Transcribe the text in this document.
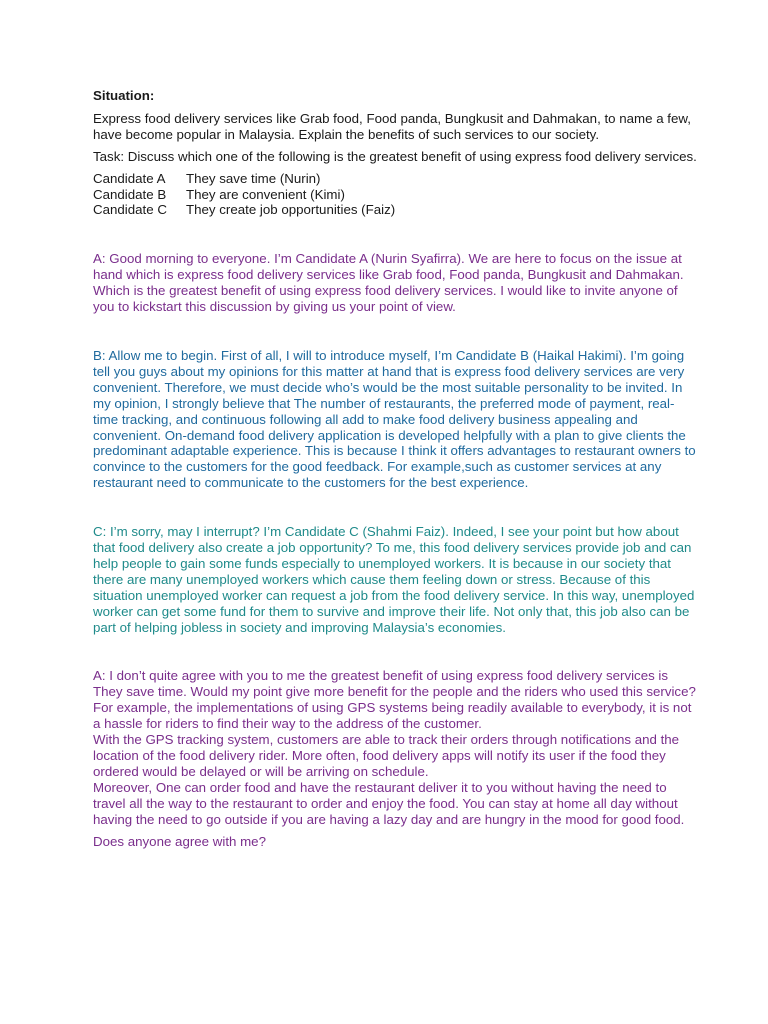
Situation:
Express food delivery services like Grab food, Food panda, Bungkusit and Dahmakan, to name a few, have become popular in Malaysia. Explain the benefits of such services to our society.
Task: Discuss which one of the following is the greatest benefit of using express food delivery services.
Candidate A	They save time (Nurin)
Candidate B	They are convenient (Kimi)
Candidate C	They create job opportunities (Faiz)
A: Good morning to everyone. I’m Candidate A (Nurin Syafirra). We are here to focus on the issue at hand which is express food delivery services like Grab food, Food panda, Bungkusit and Dahmakan. Which is the greatest benefit of using express food delivery services. I would like to invite anyone of you to kickstart this discussion by giving us your point of view.
B: Allow me to begin. First of all, I will to introduce myself, I’m Candidate B (Haikal Hakimi). I’m going tell you guys about my opinions for this matter at hand that is express food delivery services are very convenient. Therefore, we must decide who’s would be the most suitable personality to be invited. In my opinion, I strongly believe that The number of restaurants, the preferred mode of payment, real-time tracking, and continuous following all add to make food delivery business appealing and convenient. On-demand food delivery application is developed helpfully with a plan to give clients the predominant adaptable experience. This is because I think it offers advantages to restaurant owners to convince to the customers for the good feedback. For example,such as customer services at any restaurant need to communicate to the customers for the best experience.
C: I’m sorry, may I interrupt? I’m Candidate C (Shahmi Faiz). Indeed, I see your point but how about that food delivery also create a job opportunity? To me, this food delivery services provide job and can help people to gain some funds especially to unemployed workers. It is because in our society that there are many unemployed workers which cause them feeling down or stress. Because of this situation unemployed worker can request a job from the food delivery service. In this way, unemployed worker can get some fund for them to survive and improve their life. Not only that, this job also can be part of helping jobless in society and improving Malaysia’s economies.
A: I don’t quite agree with you to me the greatest benefit of using express food delivery services is They save time. Would my point give more benefit for the people and the riders who used this service? For example, the implementations of using GPS systems being readily available to everybody, it is not a hassle for riders to find their way to the address of the customer.
With the GPS tracking system, customers are able to track their orders through notifications and the location of the food delivery rider. More often, food delivery apps will notify its user if the food they ordered would be delayed or will be arriving on schedule.
Moreover, One can order food and have the restaurant deliver it to you without having the need to travel all the way to the restaurant to order and enjoy the food. You can stay at home all day without having the need to go outside if you are having a lazy day and are hungry in the mood for good food.
Does anyone agree with me?
